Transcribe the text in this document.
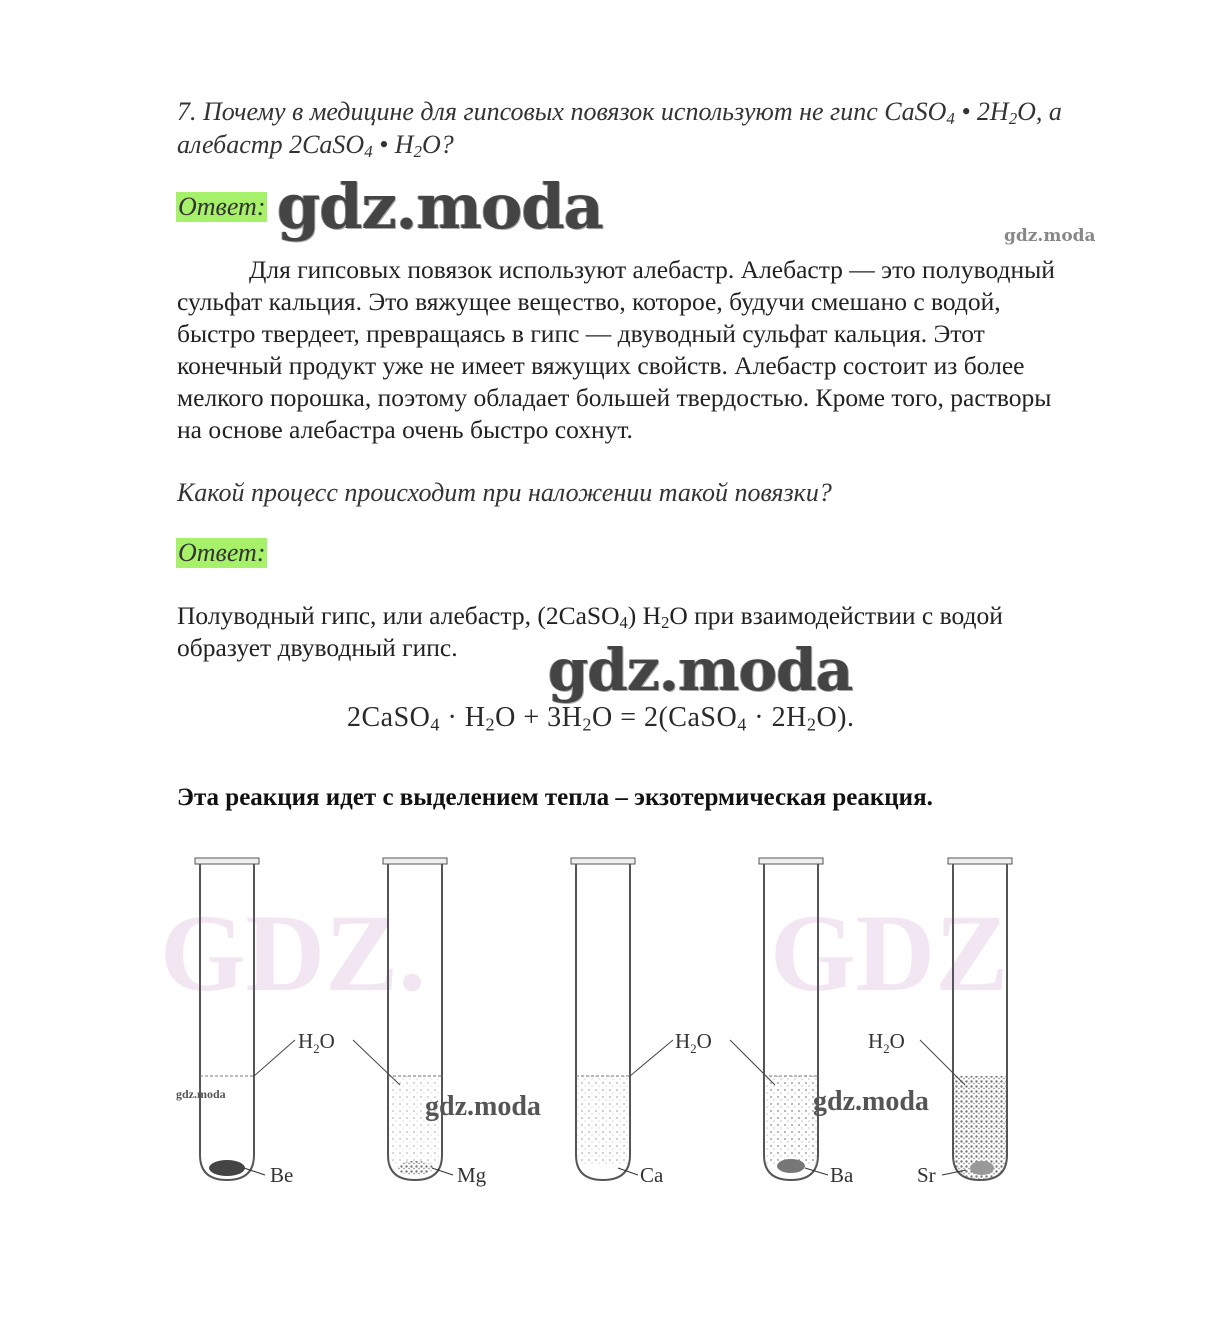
7. Почему в медицине для гипсовых повязок используют не гипс CaSO$_4$ • $2H_2O$, а алебастр 2CaSO$_4$ • $H_2O$?
Ответ: gdz.moda	gdz.moda
Для гипсовых повязок используют алебастр. Алебастр — это полуводный
сульфат кальция. Это вяжущее вещество, которое, будучи смешано с водой,
быстро твердеет, превращаясь в гипс — двуводный сульфат кальция. Этот
конечный продукт уже не имеет вяжущих свойств. Алебастр состоит из более
мелкого порошка, поэтому обладает большей твердостью. Кроме того, растворы
на основе алебастра очень быстро сохнут.
Какой процесс происходит при наложении такой повязки?
Ответ:
Полуводный гипс, или алебастр, (2CaSO$_4$) $H_2O$ при взаимодействии с водой
образует двуводный гипс.	gdz.moda
2CaSO$_4$ · $H_2O + 3H_2O$ = 2(CaSO$_4$ · $2H_2O$).
Эта реакция идет с выделением тепла – экзотермическая реакция.
GDZ.	GDZ
$H_2O$	$H_2O$	$H_2O$
Be	Mg	Ca	Ba	Sr
gdz.moda	gdz.moda	gdz.moda
